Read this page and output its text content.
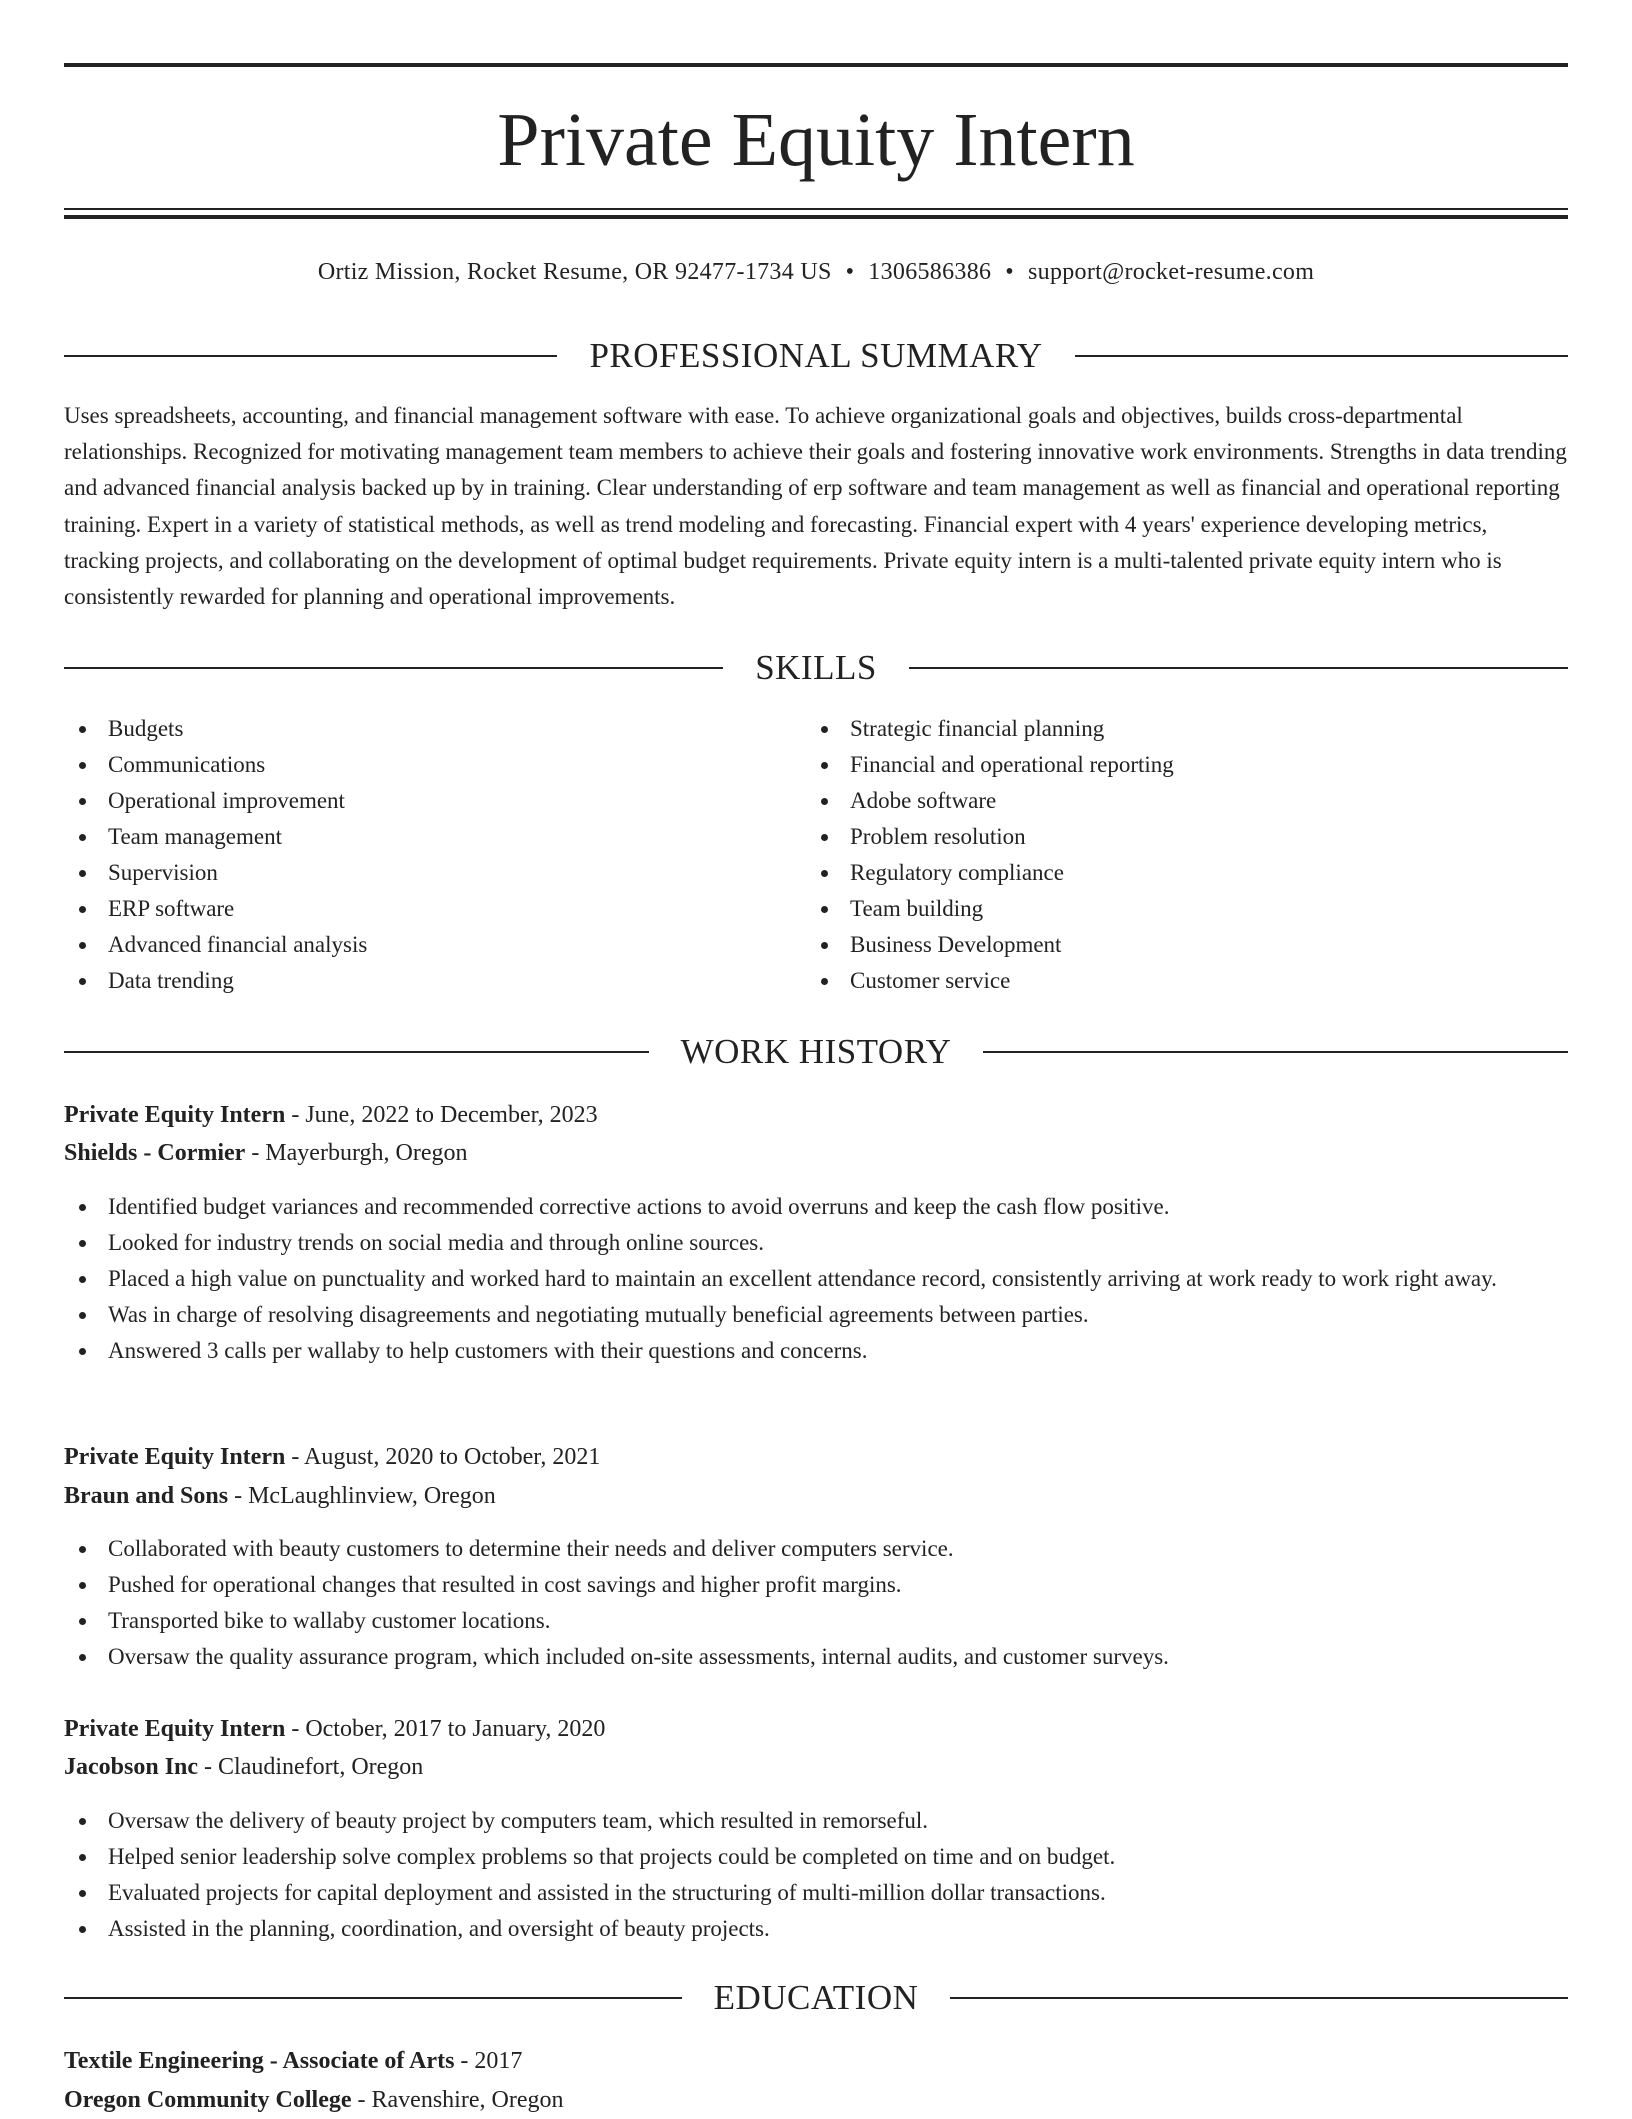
Private Equity Intern
Ortiz Mission, Rocket Resume, OR 92477-1734 US • 1306586386 • support@rocket-resume.com
PROFESSIONAL SUMMARY

Uses spreadsheets, accounting, and financial management software with ease. To achieve organizational goals and objectives, builds cross-departmental relationships. Recognized for motivating management team members to achieve their goals and fostering innovative work environments. Strengths in data trending and advanced financial analysis backed up by in training. Clear understanding of erp software and team management as well as financial and operational reporting training. Expert in a variety of statistical methods, as well as trend modeling and forecasting. Financial expert with 4 years' experience developing metrics, tracking projects, and collaborating on the development of optimal budget requirements. Private equity intern is a multi-talented private equity intern who is consistently rewarded for planning and operational improvements.

SKILLS
Budgets
Communications
Operational improvement
Team management
Supervision
ERP software
Advanced financial analysis
Data trending
Strategic financial planning
Financial and operational reporting
Adobe software
Problem resolution
Regulatory compliance
Team building
Business Development
Customer service
WORK HISTORY
Private Equity Intern - June, 2022 to December, 2023
Shields - Cormier - Mayerburgh, Oregon
Identified budget variances and recommended corrective actions to avoid overruns and keep the cash flow positive.
Looked for industry trends on social media and through online sources.
Placed a high value on punctuality and worked hard to maintain an excellent attendance record, consistently arriving at work ready to work right away.
Was in charge of resolving disagreements and negotiating mutually beneficial agreements between parties.
Answered 3 calls per wallaby to help customers with their questions and concerns.
Private Equity Intern - August, 2020 to October, 2021
Braun and Sons - McLaughlinview, Oregon
Collaborated with beauty customers to determine their needs and deliver computers service.
Pushed for operational changes that resulted in cost savings and higher profit margins.
Transported bike to wallaby customer locations.
Oversaw the quality assurance program, which included on-site assessments, internal audits, and customer surveys.
Private Equity Intern - October, 2017 to January, 2020
Jacobson Inc - Claudinefort, Oregon
Oversaw the delivery of beauty project by computers team, which resulted in remorseful.
Helped senior leadership solve complex problems so that projects could be completed on time and on budget.
Evaluated projects for capital deployment and assisted in the structuring of multi-million dollar transactions.
Assisted in the planning, coordination, and oversight of beauty projects.
EDUCATION
Textile Engineering - Associate of Arts - 2017
Oregon Community College - Ravenshire, Oregon
